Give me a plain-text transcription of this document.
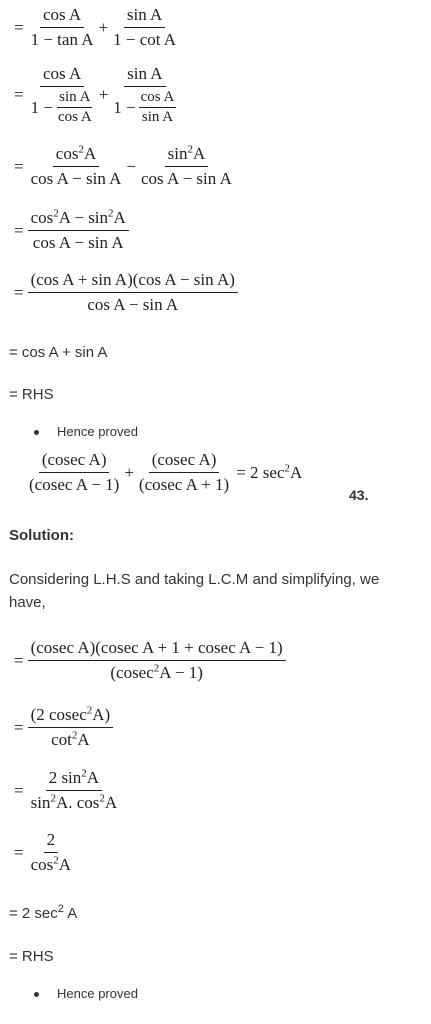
= $\frac{\text{cos A}}{\text{1 − tan A}} + \frac{\text{sin A}}{\text{1 − cot A}}$
= $\frac{\text{cos A}}{1 - \frac{\text{sin A}}{\text{cos A}}} + \frac{\text{sin A}}{1 - \frac{\text{cos A}}{\text{sin A}}}$
= $\frac{\cos^2A}{\text{cos A − sin A}} - \frac{\sin^2A}{\text{cos A − sin A}}$
= $\frac{\cos^2A - \sin^2A}{\text{cos A − sin A}}$
= $\frac{\text{(cos A + sin A)(cos A − sin A)}}{\text{cos A − sin A}}$
= cos A + sin A
= RHS
Hence proved
$\frac{\text{(cosec A)}}{\text{(cosec A − 1)}} + \frac{\text{(cosec A)}}{\text{(cosec A + 1)}} = 2$ $\sec^2A$
43.
Solution:
Considering L.H.S and taking L.C.M and simplifying, we have,
= $\frac{\text{(cosec A)(cosec A + 1 + cosec A − 1)}}{(cosec^2A - 1)}$
= $\frac{(2 cosec^2A)}{\cot^2A}$
= $\frac{2 \sin^2A}{\sin^2A. \cos^2A}$
= $\frac{2}{\cos^2A}$
= 2 $\sec^2 A$
= RHS
Hence proved
